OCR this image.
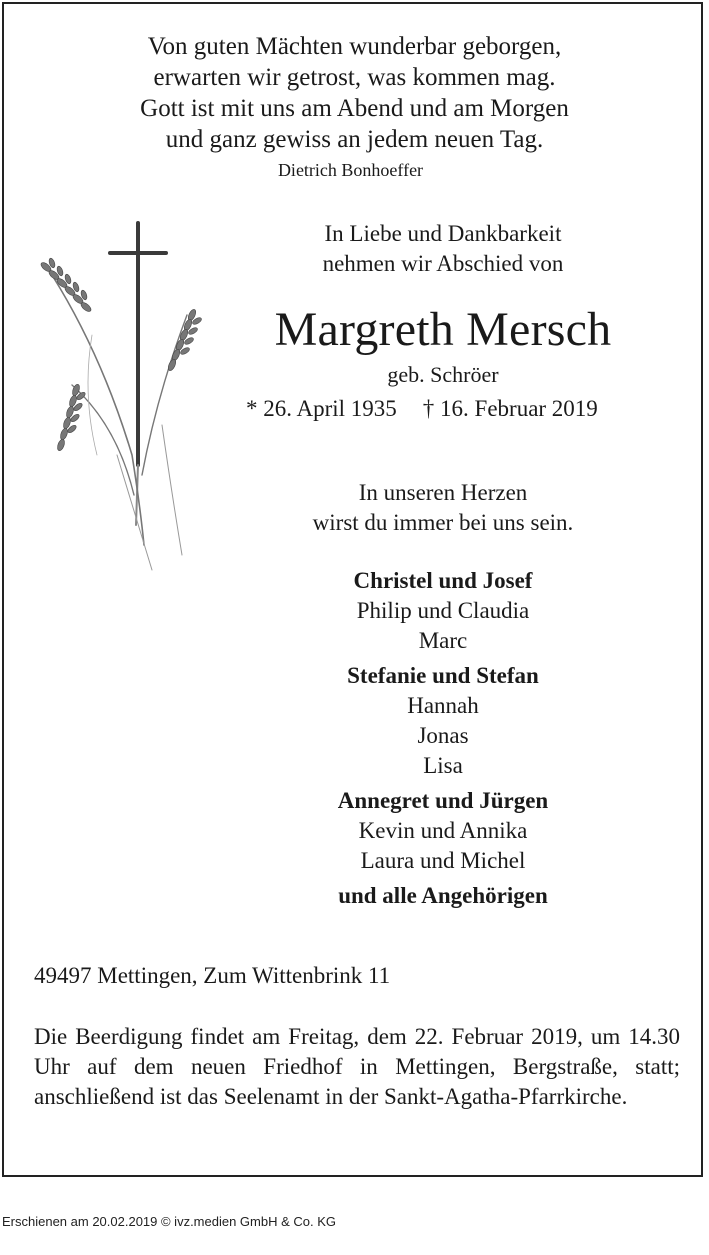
Von guten Mächten wunderbar geborgen,
erwarten wir getrost, was kommen mag.
Gott ist mit uns am Abend und am Morgen
und ganz gewiss an jedem neuen Tag.
Dietrich Bonhoeffer
In Liebe und Dankbarkeit
nehmen wir Abschied von
Margreth Mersch
geb. Schröer
* 26. April 1935 † 16. Februar 2019
In unseren Herzen
wirst du immer bei uns sein.
Christel und Josef
Philip und Claudia
Marc
Stefanie und Stefan
Hannah
Jonas
Lisa
Annegret und Jürgen
Kevin und Annika
Laura und Michel
und alle Angehörigen
49497 Mettingen, Zum Wittenbrink 11
Die Beerdigung findet am Freitag, dem 22. Februar 2019, um 14.30 Uhr auf dem neuen Friedhof in Mettingen, Bergstraße, statt; anschließend ist das Seelenamt in der Sankt-Agatha-Pfarrkirche.
Erschienen am 20.02.2019 © ivz.medien GmbH & Co. KG
